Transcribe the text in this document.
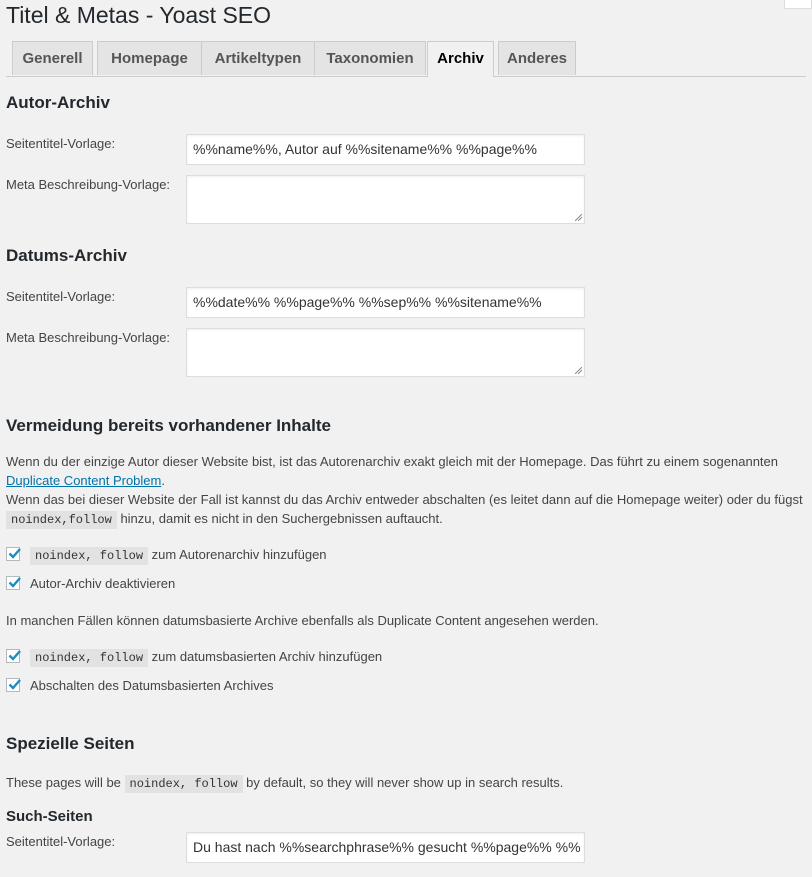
Titel & Metas - Yoast SEO
Generell	Homepage	Artikeltypen	Taxonomien	Archiv	Anderes
Autor-Archiv
Seitentitel-Vorlage:	%%name%%, Autor auf %%sitename%% %%page%%
Meta Beschreibung-Vorlage:
Datums-Archiv
Seitentitel-Vorlage:	%%date%% %%page%% %%sep%% %%sitename%%
Meta Beschreibung-Vorlage:
Vermeidung bereits vorhandener Inhalte
Wenn du der einzige Autor dieser Website bist, ist das Autorenarchiv exakt gleich mit der Homepage. Das führt zu einem sogenannten Duplicate Content Problem.
Wenn das bei dieser Website der Fall ist kannst du das Archiv entweder abschalten (es leitet dann auf die Homepage weiter) oder du fügst noindex,follow hinzu, damit es nicht in den Suchergebnissen auftaucht.
noindex, follow zum Autorenarchiv hinzufügen
Autor-Archiv deaktivieren
In manchen Fällen können datumsbasierte Archive ebenfalls als Duplicate Content angesehen werden.
noindex, follow zum datumsbasierten Archiv hinzufügen
Abschalten des Datumsbasierten Archives
Spezielle Seiten
These pages will be noindex, follow by default, so they will never show up in search results.
Such-Seiten
Seitentitel-Vorlage:	Du hast nach %%searchphrase%% gesucht %%page%% %%
